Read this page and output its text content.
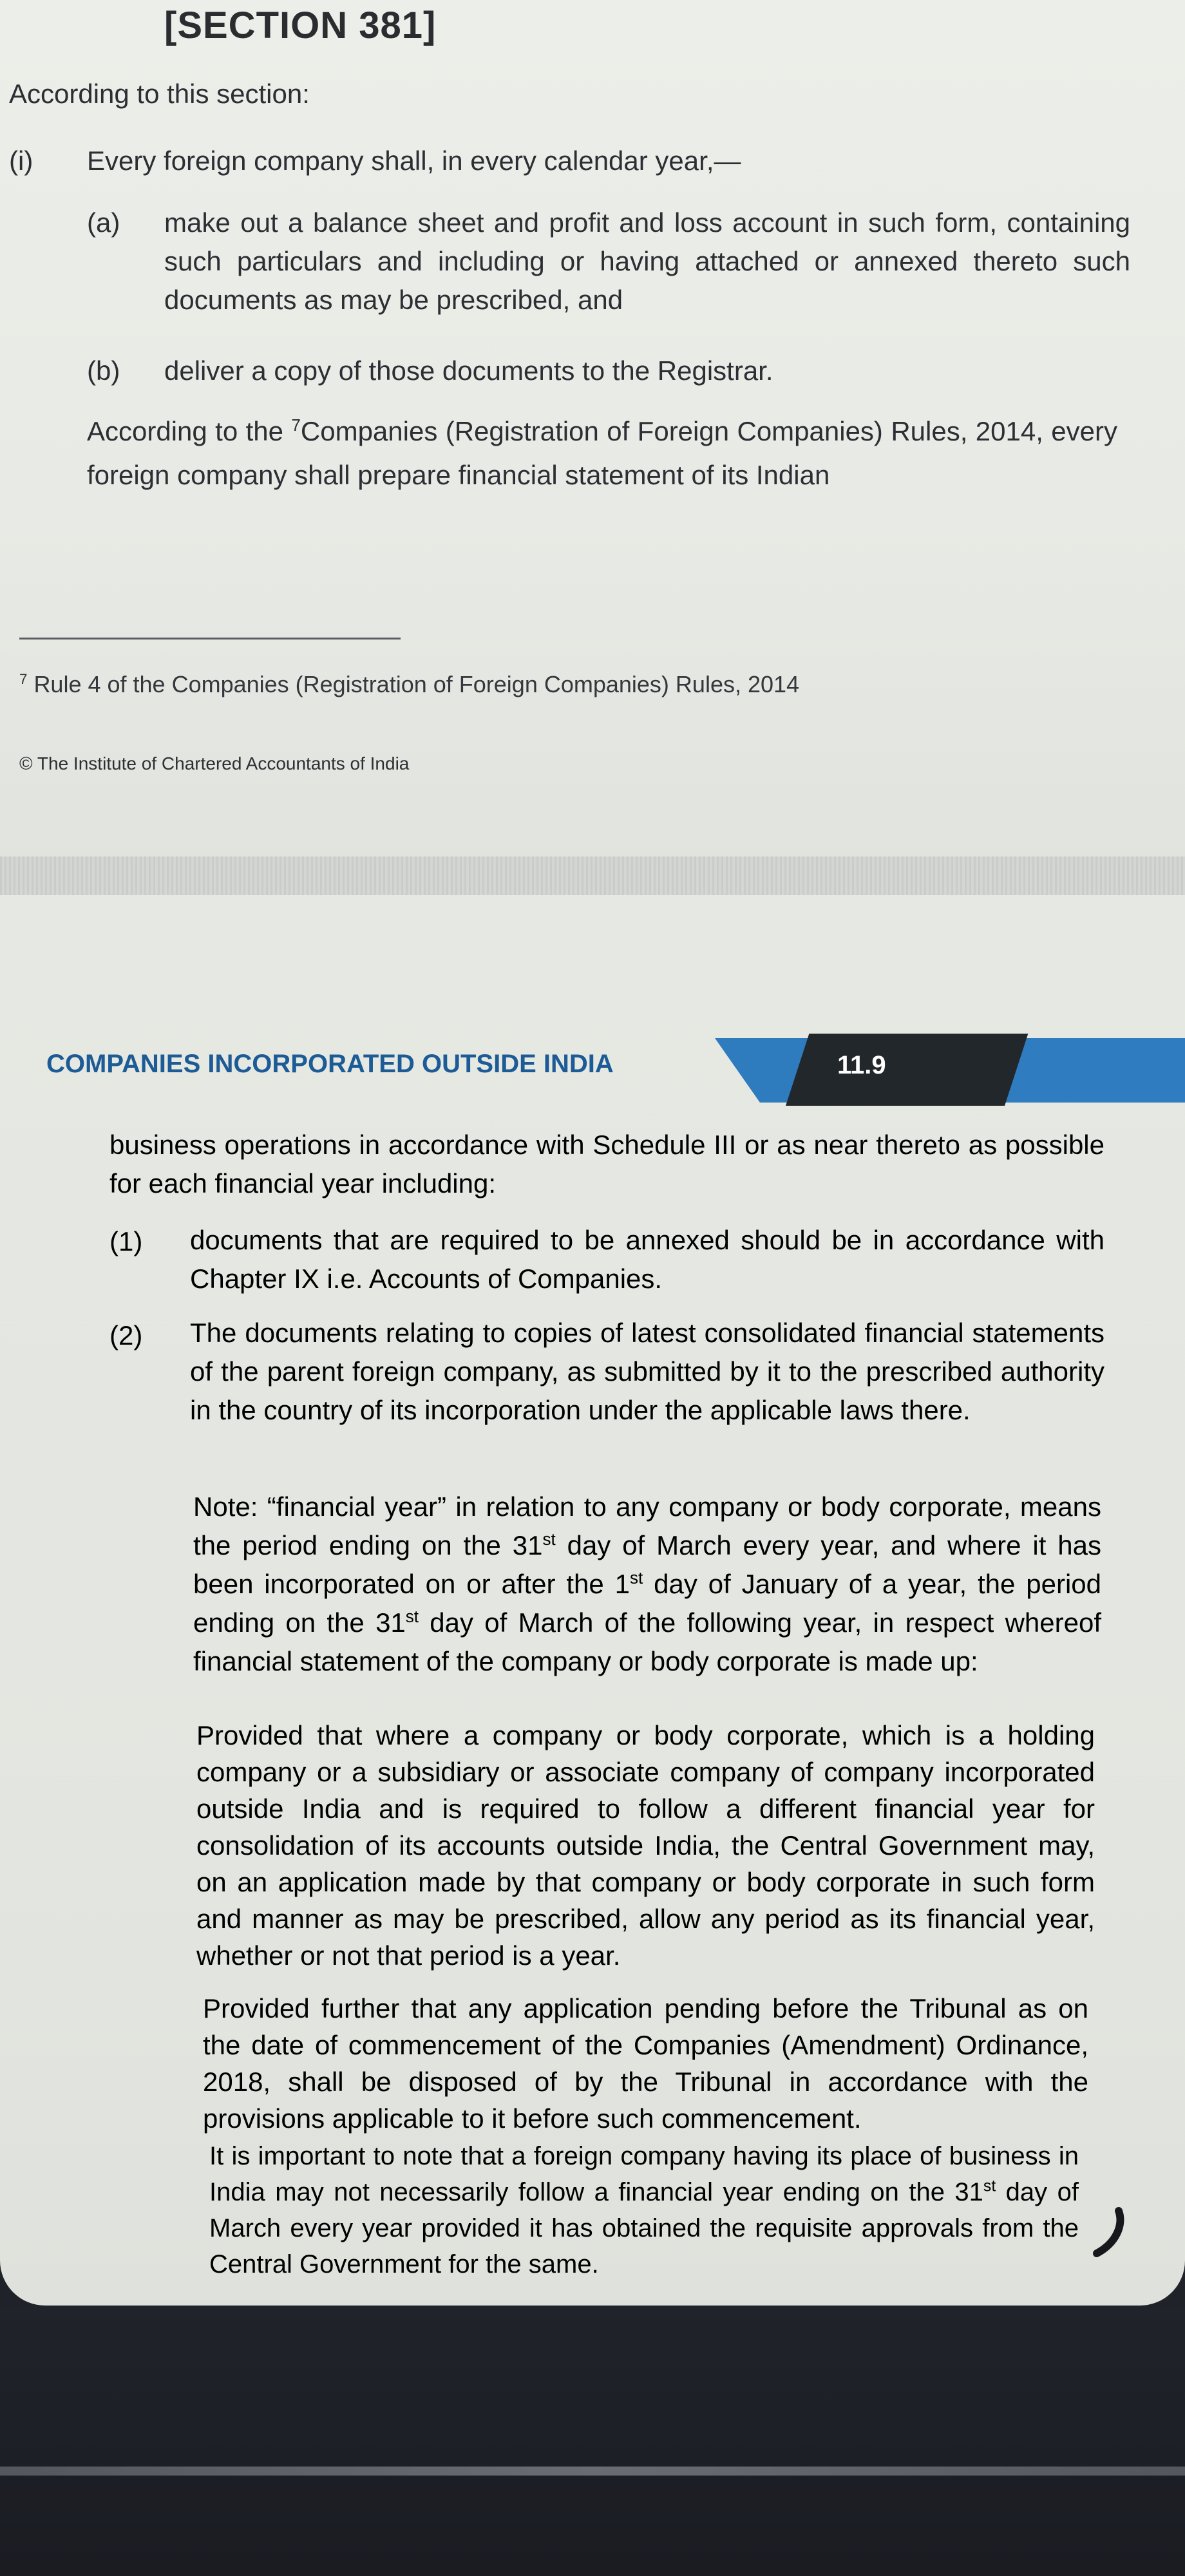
[SECTION 381]
According to this section:
(i) Every foreign company shall, in every calendar year,—
(a) make out a balance sheet and profit and loss account in such form, containing such particulars and including or having attached or annexed thereto such documents as may be prescribed, and
(b) deliver a copy of those documents to the Registrar.
According to the $^7$Companies (Registration of Foreign Companies) Rules, 2014, every foreign company shall prepare financial statement of its Indian
$^7$ Rule 4 of the Companies (Registration of Foreign Companies) Rules, 2014
© The Institute of Chartered Accountants of India
COMPANIES INCORPORATED OUTSIDE INDIA	11.9
business operations in accordance with Schedule III or as near thereto as possible for each financial year including:
(1) documents that are required to be annexed should be in accordance with Chapter IX i.e. Accounts of Companies.
(2) The documents relating to copies of latest consolidated financial statements of the parent foreign company, as submitted by it to the prescribed authority in the country of its incorporation under the applicable laws there.
Note: “financial year” in relation to any company or body corporate, means the period ending on the 31st day of March every year, and where it has been incorporated on or after the 1st day of January of a year, the period ending on the 31st day of March of the following year, in respect whereof financial statement of the company or body corporate is made up:
Provided that where a company or body corporate, which is a holding company or a subsidiary or associate company of company incorporated outside India and is required to follow a different financial year for consolidation of its accounts outside India, the Central Government may, on an application made by that company or body corporate in such form and manner as may be prescribed, allow any period as its financial year, whether or not that period is a year.
Provided further that any application pending before the Tribunal as on the date of commencement of the Companies (Amendment) Ordinance, 2018, shall be disposed of by the Tribunal in accordance with the provisions applicable to it before such commencement.
It is important to note that a foreign company having its place of business in India may not necessarily follow a financial year ending on the 31st day of March every year provided it has obtained the requisite approvals from the Central Government for the same.
